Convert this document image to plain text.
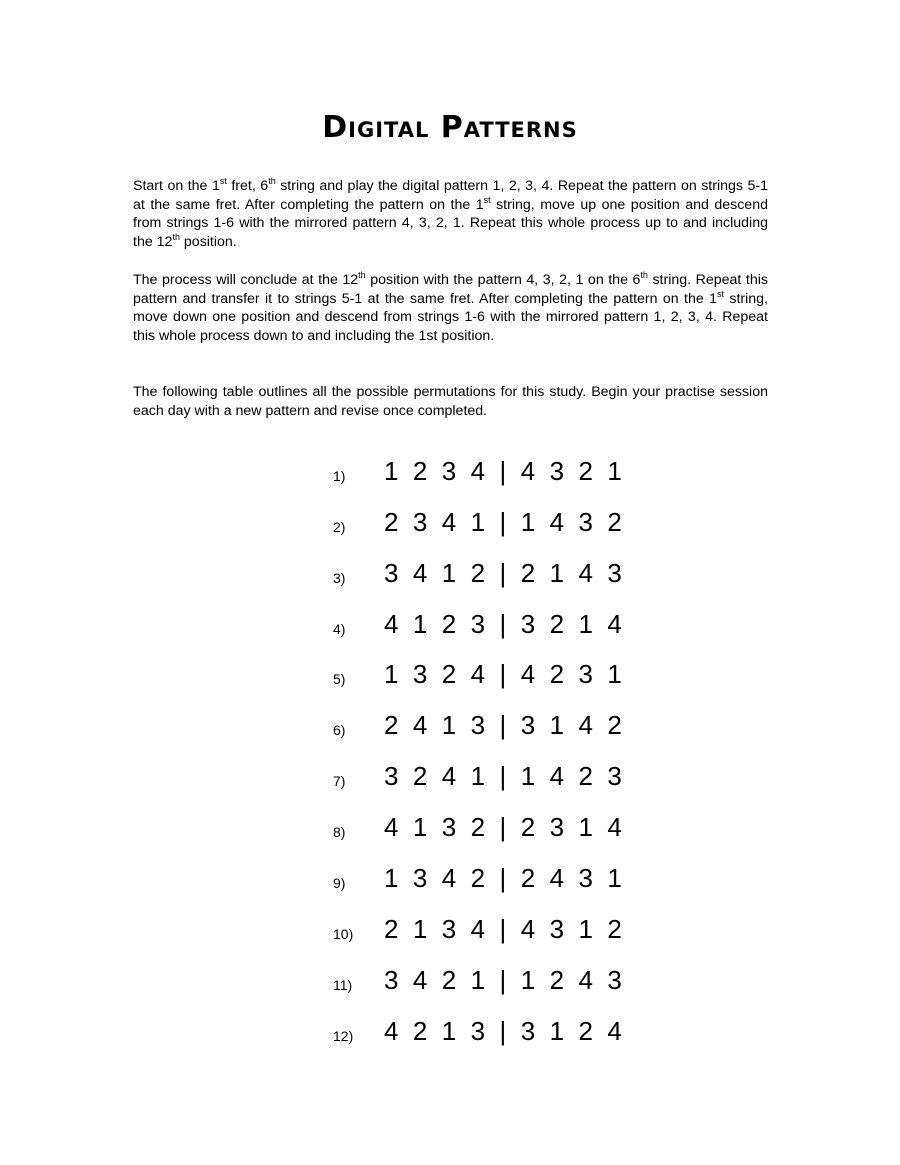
Digital Patterns
Start on the 1st fret, 6th string and play the digital pattern 1, 2, 3, 4. Repeat the pattern on strings 5-1 at the same fret. After completing the pattern on the 1st string, move up one position and descend from strings 1-6 with the mirrored pattern 4, 3, 2, 1. Repeat this whole process up to and including the 12th position.
The process will conclude at the 12th position with the pattern 4, 3, 2, 1 on the 6th string. Repeat this pattern and transfer it to strings 5-1 at the same fret. After completing the pattern on the 1st string, move down one position and descend from strings 1-6 with the mirrored pattern 1, 2, 3, 4. Repeat this whole process down to and including the 1st position.
The following table outlines all the possible permutations for this study. Begin your practise session each day with a new pattern and revise once completed.
1)	1 2 3 4 | 4 3 2 1
2)	2 3 4 1 | 1 4 3 2
3)	3 4 1 2 | 2 1 4 3
4)	4 1 2 3 | 3 2 1 4
5)	1 3 2 4 | 4 2 3 1
6)	2 4 1 3 | 3 1 4 2
7)	3 2 4 1 | 1 4 2 3
8)	4 1 3 2 | 2 3 1 4
9)	1 3 4 2 | 2 4 3 1
10)	2 1 3 4 | 4 3 1 2
11)	3 4 2 1 | 1 2 4 3
12)	4 2 1 3 | 3 1 2 4
